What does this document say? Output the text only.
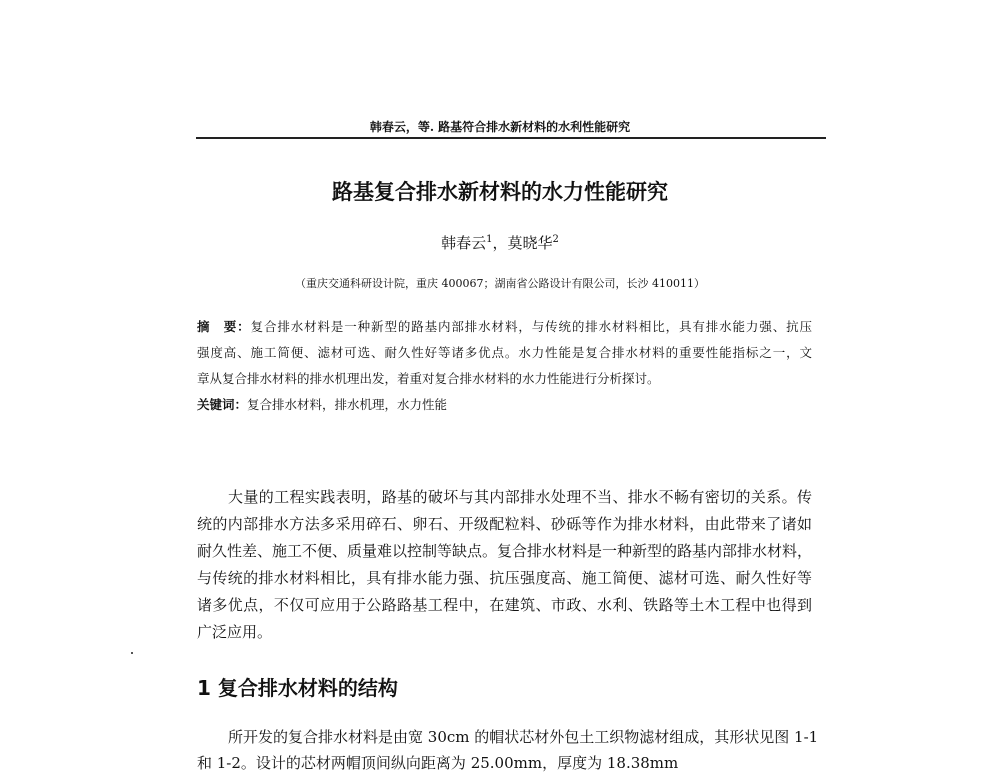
韩春云，等. 路基符合排水新材料的水利性能研究
路基复合排水新材料的水力性能研究
韩春云$^1$，莫晓华$^2$
（重庆交通科研设计院，重庆 400067；湖南省公路设计有限公司，长沙 410011）
摘　要：复合排水材料是一种新型的路基内部排水材料，与传统的排水材料相比，具有排水能力强、抗压
强度高、施工简便、滤材可选、耐久性好等诸多优点。水力性能是复合排水材料的重要性能指标之一，文
章从复合排水材料的排水机理出发，着重对复合排水材料的水力性能进行分析探讨。
关键词：复合排水材料，排水机理，水力性能
大量的工程实践表明，路基的破坏与其内部排水处理不当、排水不畅有密切的关系。传
统的内部排水方法多采用碎石、卵石、开级配粒料、砂砾等作为排水材料，由此带来了诸如
耐久性差、施工不便、质量难以控制等缺点。复合排水材料是一种新型的路基内部排水材料，
与传统的排水材料相比，具有排水能力强、抗压强度高、施工简便、滤材可选、耐久性好等
诸多优点，不仅可应用于公路路基工程中，在建筑、市政、水利、铁路等土木工程中也得到
广泛应用。
1 复合排水材料的结构
所开发的复合排水材料是由宽 30cm 的帽状芯材外包土工织物滤材组成，其形状见图 1-1
和 1-2。设计的芯材两帽顶间纵向距离为 25.00mm，厚度为 18.38mm
